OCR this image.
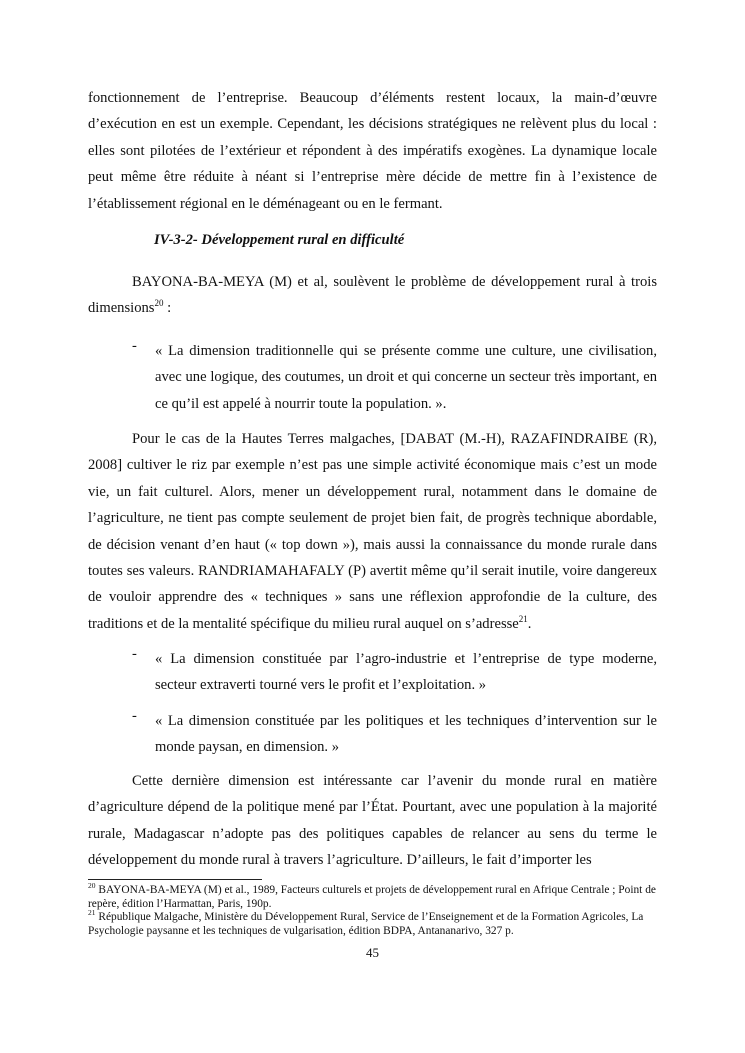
fonctionnement de l’entreprise. Beaucoup d’éléments restent locaux, la main-d’œuvre d’exécution en est un exemple. Cependant, les décisions stratégiques ne relèvent plus du local : elles sont pilotées de l’extérieur et répondent à des impératifs exogènes. La dynamique locale peut même être réduite à néant si l’entreprise mère décide de mettre fin à l’existence de l’établissement régional en le déménageant ou en le fermant.

IV-3-2- Développement rural en difficulté

BAYONA-BA-MEYA (M) et al, soulèvent le problème de développement rural à trois dimensions$^{20}$ :

- « La dimension traditionnelle qui se présente comme une culture, une civilisation, avec une logique, des coutumes, un droit et qui concerne un secteur très important, en ce qu’il est appelé à nourrir toute la population. ».

Pour le cas de la Hautes Terres malgaches, [DABAT (M.-H), RAZAFINDRAIBE (R), 2008] cultiver le riz par exemple n’est pas une simple activité économique mais c’est un mode vie, un fait culturel. Alors, mener un développement rural, notamment dans le domaine de l’agriculture, ne tient pas compte seulement de projet bien fait, de progrès technique abordable, de décision venant d’en haut (« top down »), mais aussi la connaissance du monde rurale dans toutes ses valeurs. RANDRIAMAHAFALY (P) avertit même qu’il serait inutile, voire dangereux de vouloir apprendre des « techniques » sans une réflexion approfondie de la culture, des traditions et de la mentalité spécifique du milieu rural auquel on s’adresse$^{21}$.

- « La dimension constituée par l’agro-industrie et l’entreprise de type moderne, secteur extraverti tourné vers le profit et l’exploitation. »

- « La dimension constituée par les politiques et les techniques d’intervention sur le monde paysan, en dimension. »

Cette dernière dimension est intéressante car l’avenir du monde rural en matière d’agriculture dépend de la politique mené par l’État. Pourtant, avec une population à la majorité rurale, Madagascar n’adopte pas des politiques capables de relancer au sens du terme le développement du monde rural à travers l’agriculture. D’ailleurs, le fait d’importer les

$^{20}$ BAYONA-BA-MEYA (M) et al., 1989, Facteurs culturels et projets de développement rural en Afrique Centrale ; Point de repère, édition l’Harmattan, Paris, 190p.

$^{21}$ République Malgache, Ministère du Développement Rural, Service de l’Enseignement et de la Formation Agricoles, La Psychologie paysanne et les techniques de vulgarisation, édition BDPA, Antananarivo, 327 p.

45
